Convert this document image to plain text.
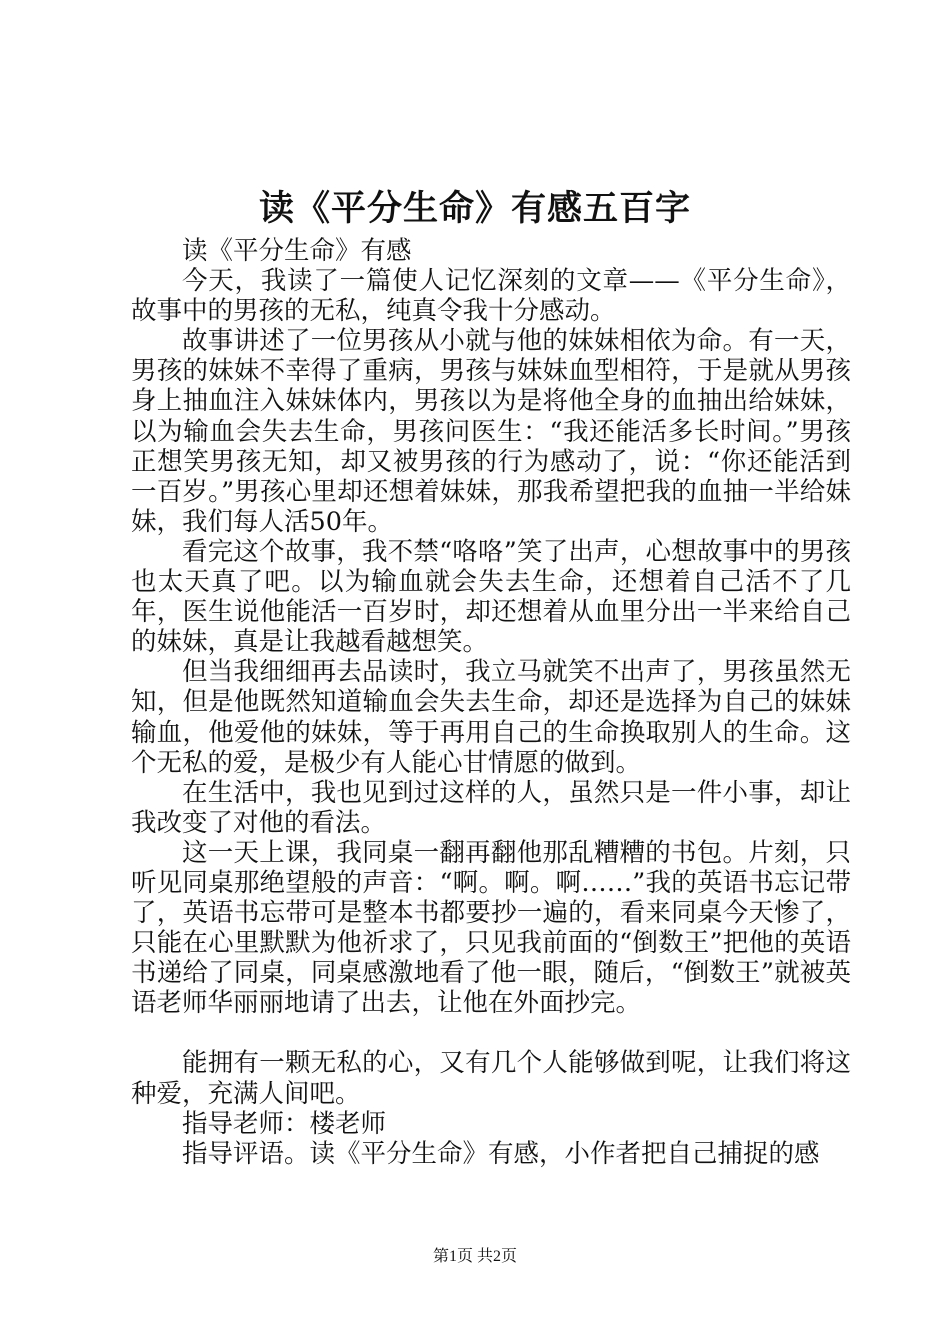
读《平分生命》有感五百字

读《平分生命》有感

今天，我读了一篇使人记忆深刻的文章——《平分生命》，故事中的男孩的无私，纯真令我十分感动。

故事讲述了一位男孩从小就与他的妹妹相依为命。有一天，男孩的妹妹不幸得了重病，男孩与妹妹血型相符，于是就从男孩身上抽血注入妹妹体内，男孩以为是将他全身的血抽出给妹妹，以为输血会失去生命，男孩问医生：“我还能活多长时间。”男孩正想笑男孩无知，却又被男孩的行为感动了，说：“你还能活到一百岁。”男孩心里却还想着妹妹，那我希望把我的血抽一半给妹妹，我们每人活50年。

看完这个故事，我不禁“咯咯”笑了出声，心想故事中的男孩也太天真了吧。以为输血就会失去生命，还想着自己活不了几年，医生说他能活一百岁时，却还想着从血里分出一半来给自己的妹妹，真是让我越看越想笑。

但当我细细再去品读时，我立马就笑不出声了，男孩虽然无知，但是他既然知道输血会失去生命，却还是选择为自己的妹妹输血，他爱他的妹妹，等于再用自己的生命换取别人的生命。这个无私的爱，是极少有人能心甘情愿的做到。

在生活中，我也见到过这样的人，虽然只是一件小事，却让我改变了对他的看法。

这一天上课，我同桌一翻再翻他那乱糟糟的书包。片刻，只听见同桌那绝望般的声音：“啊。啊。啊……”我的英语书忘记带了，英语书忘带可是整本书都要抄一遍的，看来同桌今天惨了，只能在心里默默为他祈求了，只见我前面的“倒数王”把他的英语书递给了同桌，同桌感激地看了他一眼，随后，“倒数王”就被英语老师华丽丽地请了出去，让他在外面抄完。

能拥有一颗无私的心，又有几个人能够做到呢，让我们将这种爱，充满人间吧。

指导老师：楼老师

指导评语。读《平分生命》有感，小作者把自己捕捉的感

第1页 共2页
